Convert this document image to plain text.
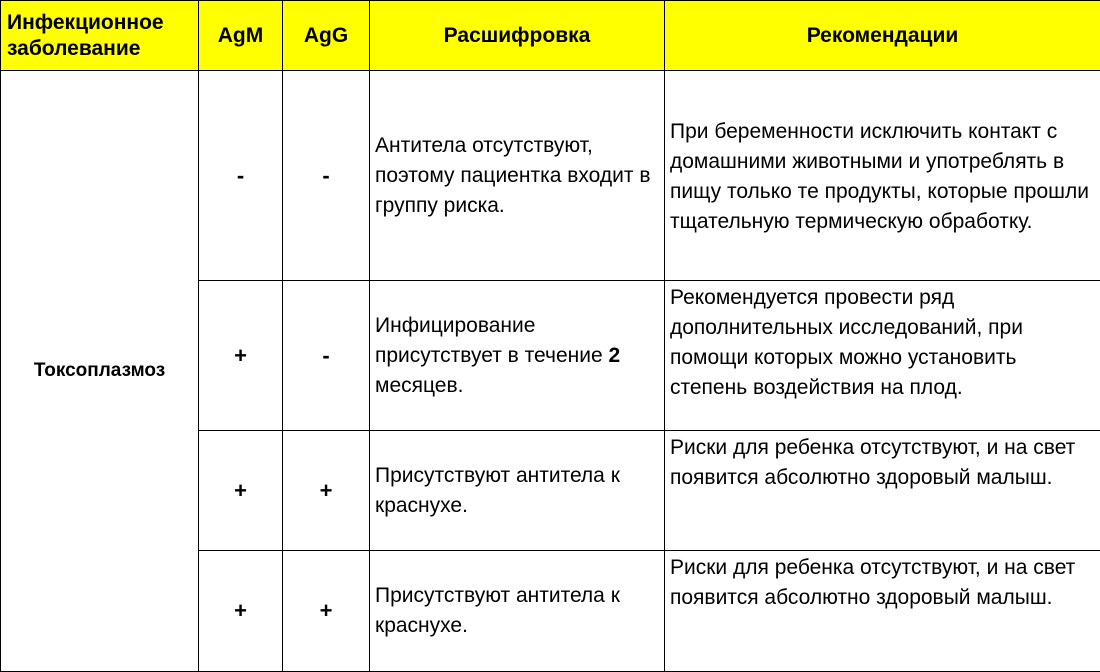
Инфекционное заболевание	AgM	AgG	Расшифровка	Рекомендации
Токсоплазмоз	-	-	Антитела отсутствуют, поэтому пациентка входит в группу риска.	При беременности исключить контакт с домашними животными и употреблять в пищу только те продукты, которые прошли тщательную термическую обработку.
	+	-	Инфицирование присутствует в течение 2 месяцев.	Рекомендуется провести ряд дополнительных исследований, при помощи которых можно установить степень воздействия на плод.
	+	+	Присутствуют антитела к краснухе.	Риски для ребенка отсутствуют, и на свет появится абсолютно здоровый малыш.
	+	+	Присутствуют антитела к краснухе.	Риски для ребенка отсутствуют, и на свет появится абсолютно здоровый малыш.
